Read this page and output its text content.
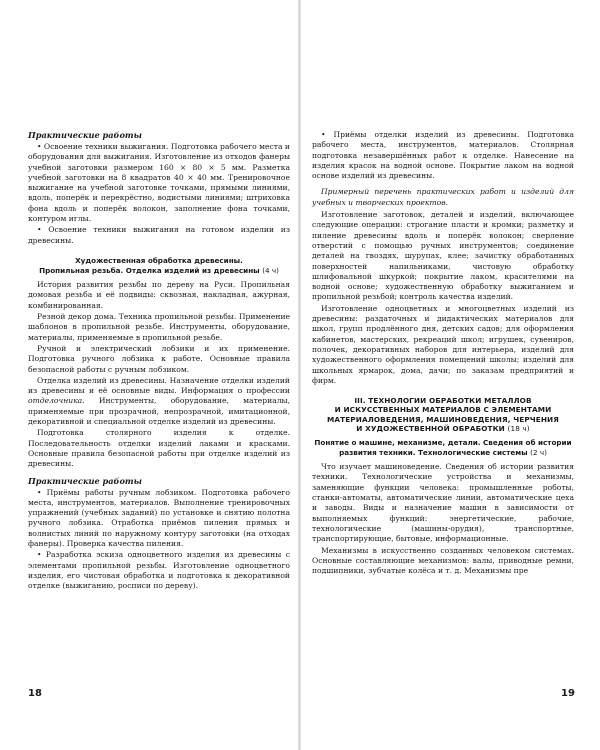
Практические работы

• Освоение техники выжигания. Подготовка рабочего места и оборудования для выжигания. Изготовление из отходов фанеры учебной заготовки размером 160 × 80 × 5 мм. Разметка учебной заготовки на 8 квадратов 40 × 40 мм. Тренировочное выжигание на учебной заготовке точками, прямыми линиями, вдоль, поперёк и перекрёстно, водистыми линиями; штриховка фона вдоль и поперёк волокон, заполнение фона точками, контуром иглы.

• Освоение техники выжигания на готовом изделии из древесины.

Художественная обработка древесины.
Пропильная резьба. Отделка изделий из древесины (4 ч)

История развития резьбы по дереву на Руси. Пропильная домовая резьба и её подвиды: сквозная, накладная, ажурная, комбинированная.

Резной декор дома. Техника пропильной резьбы. Применение шаблонов в пропильной резьбе. Инструменты, оборудование, материалы, применяемые в пропильной резьбе.

Ручной и электрический лобзики и их применение. Подготовка ручного лобзика к работе. Основные правила безопасной работы с ручным лобзиком.

Отделка изделий из древесины. Назначение отделки изделий из древесины и её основные виды. Информация о профессии отделочника. Инструменты, оборудование, материалы, применяемые при прозрачной, непрозрачной, имитационной, декоративной и специальной отделке изделий из древесины.

Подготовка столярного изделия к отделке. Последовательность отделки изделий лаками и красками. Основные правила безопасной работы при отделке изделий из древесины.

Практические работы

• Приёмы работы ручным лобзиком. Подготовка рабочего места, инструментов, материалов. Выполнение тренировочных упражнений (учебных заданий) по установке и снятию полотна ручного лобзика. Отработка приёмов пиления прямых и волнистых линий по наружному контуру заготовки (на отходах фанеры). Проверка качества пиления.

• Разработка эскиза одноцветного изделия из древесины с элементами пропильной резьбы. Изготовление одноцветного изделия, его чистовая обработка и подготовка к декоративной отделке (выжиганию, росписи по дереву).

18

• Приёмы отделки изделий из древесины. Подготовка рабочего места, инструментов, материалов. Столярная подготовка незавершённых работ к отделке. Нанесение на изделия красок на водной основе. Покрытие лаком на водной основе изделий из древесины.

Примерный перечень практических работ и изделий для учебных и творческих проектов.

Изготовление заготовок, деталей и изделий, включающее следующие операции: строгание пласти и кромки; разметку и пиление древесины вдоль и поперёк волокон; сверление отверстий с помощью ручных инструментов; соединение деталей на гвоздях, шурупах, клее; зачистку обработанных поверхностей напильниками, чистовую обработку шлифовальной шкуркой; покрытие лаком, красителями на водной основе; художественную обработку выжиганием и пропильной резьбой; контроль качества изделий.

Изготовление одноцветных и многоцветных изделий из древесины: раздаточных и дидактических материалов для школ, групп продлённого дня, детских садов; для оформления кабинетов, мастерских, рекреаций школ; игрушек, сувениров, полочек, декоративных наборов для интерьера, изделий для художественного оформления помещений школы; изделий для школьных ярмарок, дома, дачи; по заказам предприятий и фирм.

III. ТЕХНОЛОГИИ ОБРАБОТКИ МЕТАЛЛОВ
И ИСКУССТВЕННЫХ МАТЕРИАЛОВ С ЭЛЕМЕНТАМИ
МАТЕРИАЛОВЕДЕНИЯ, МАШИНОВЕДЕНИЯ, ЧЕРЧЕНИЯ
И ХУДОЖЕСТВЕННОЙ ОБРАБОТКИ (18 ч)
Понятие о машине, механизме, детали. Сведения об истории
развития техники. Технологические системы (2 ч)

Что изучает машиноведение. Сведения об истории развития техники. Технологические устройства и механизмы, заменяющие функции человека: промышленные роботы, станки-автоматы, автоматические линии, автоматические цеха и заводы. Виды и назначение машин в зависимости от выполняемых функций: энергетические, рабочие, технологические (машины-орудия), транспортные, транспортирующие, бытовые, информационные.

Механизмы в искусственно созданных человеком системах. Основные составляющие механизмов: валы, приводные ремни, подшипники, зубчатые колёса и т. д. Механизмы пре

19
